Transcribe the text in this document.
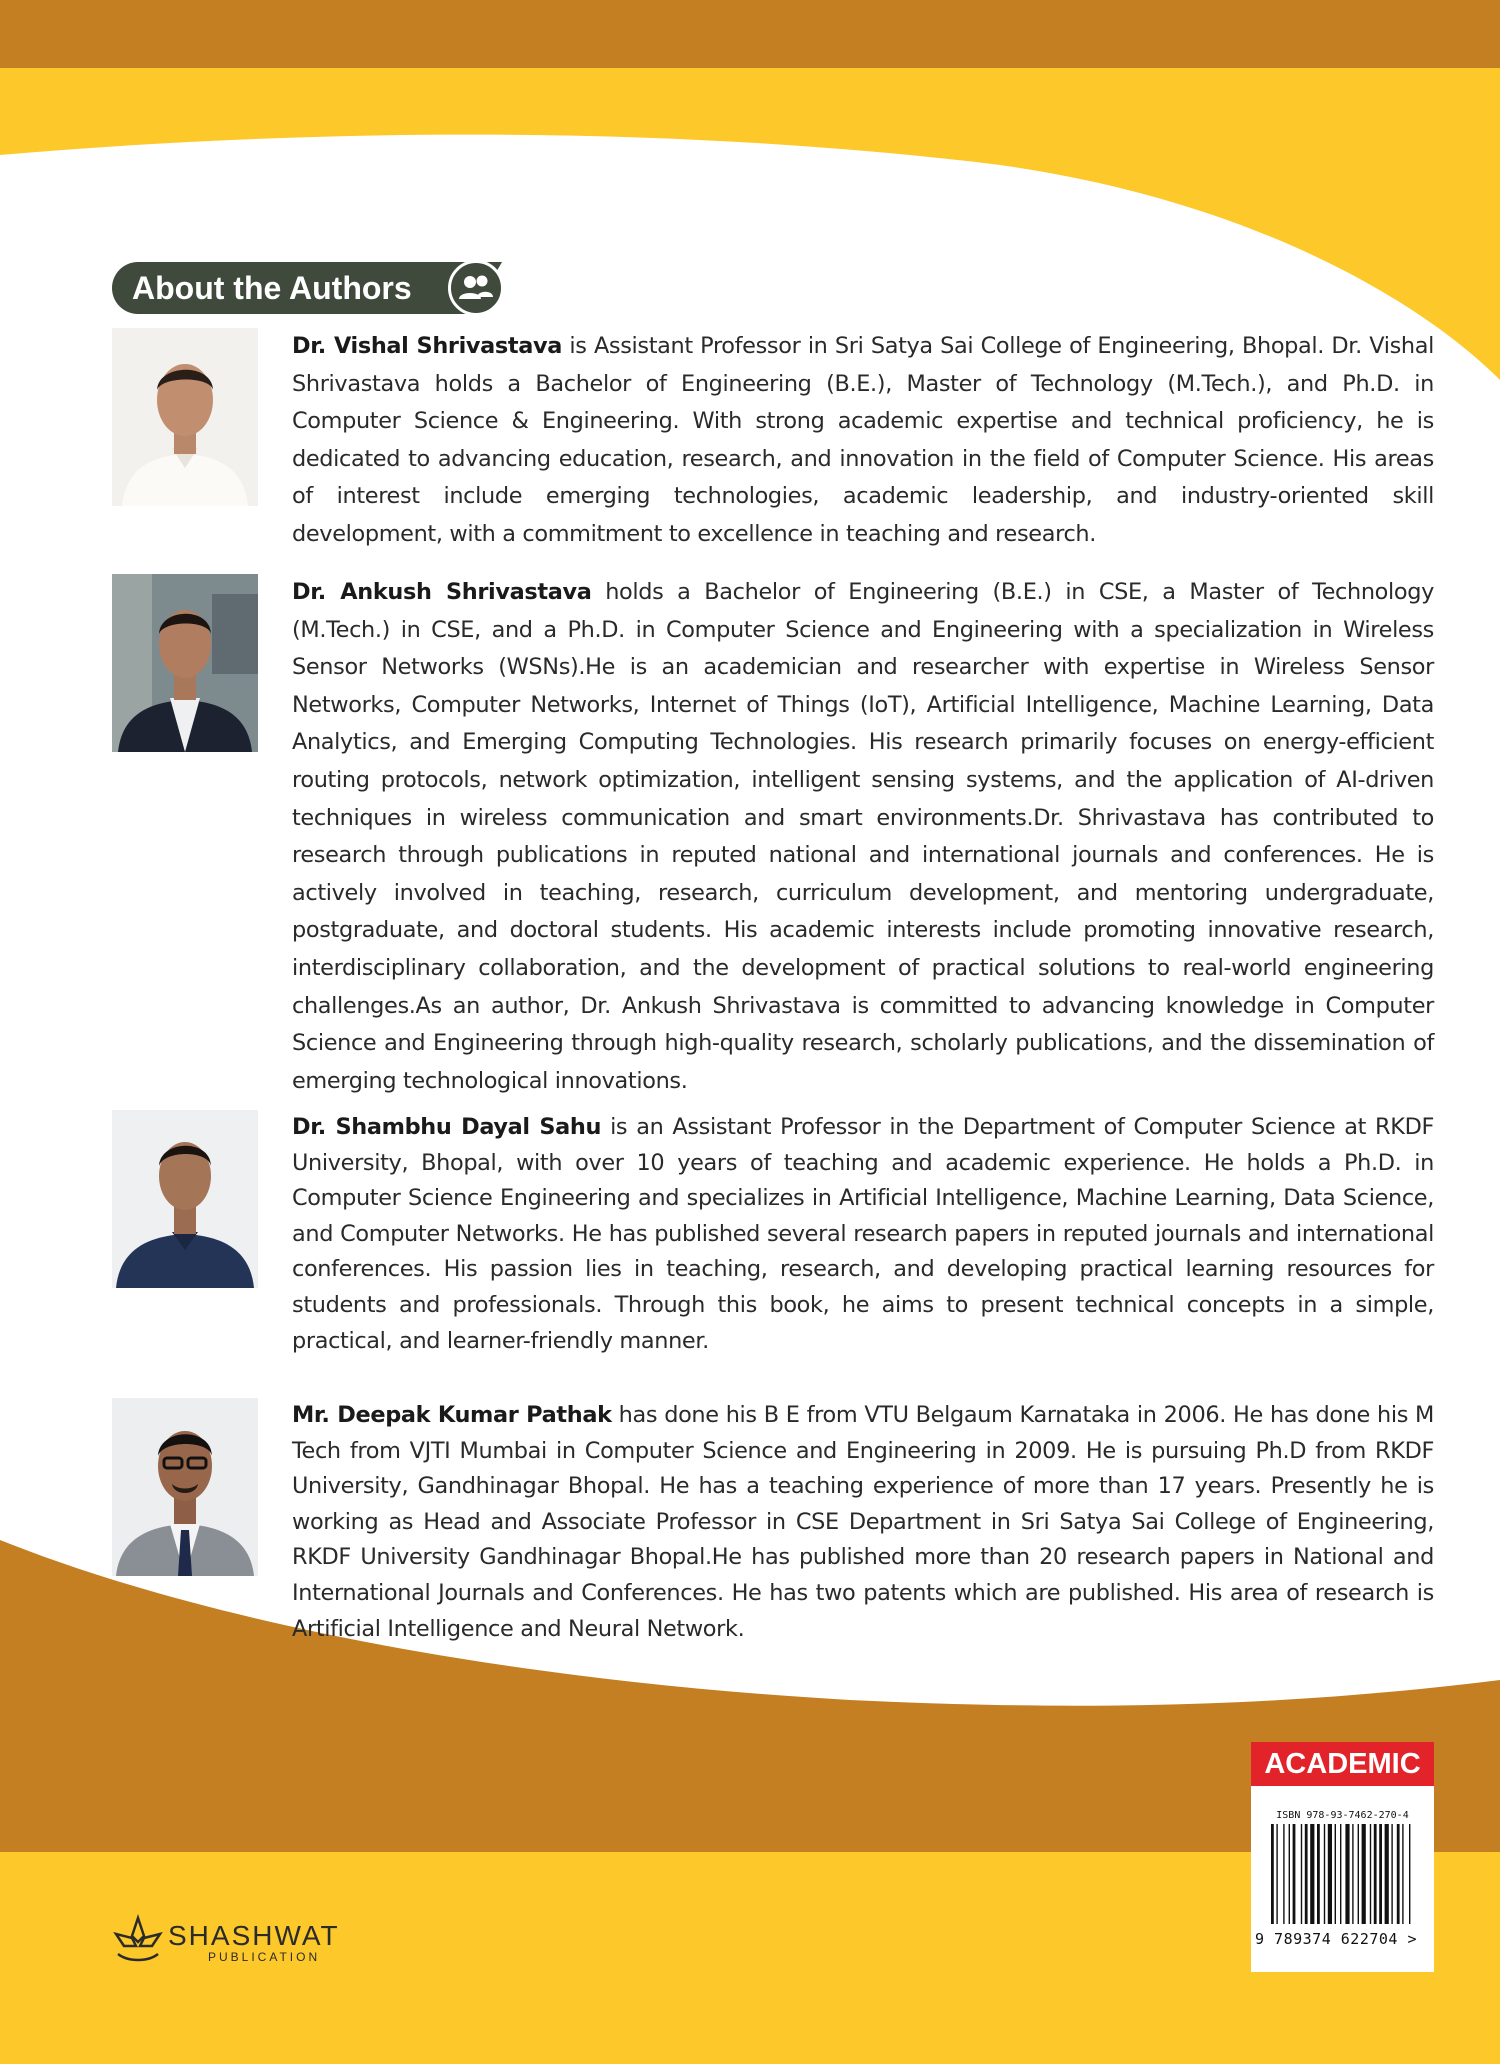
About the Authors

Dr. Vishal Shrivastava is Assistant Professor in Sri Satya Sai College of Engineering, Bhopal. Dr. Vishal Shrivastava holds a Bachelor of Engineering (B.E.), Master of Technology (M.Tech.), and Ph.D. in Computer Science & Engineering. With strong academic expertise and technical proficiency, he is dedicated to advancing education, research, and innovation in the field of Computer Science. His areas of interest include emerging technologies, academic leadership, and industry-oriented skill development, with a commitment to excellence in teaching and research.

Dr. Ankush Shrivastava holds a Bachelor of Engineering (B.E.) in CSE, a Master of Technology (M.Tech.) in CSE, and a Ph.D. in Computer Science and Engineering with a specialization in Wireless Sensor Networks (WSNs).He is an academician and researcher with expertise in Wireless Sensor Networks, Computer Networks, Internet of Things (IoT), Artificial Intelligence, Machine Learning, Data Analytics, and Emerging Computing Technologies. His research primarily focuses on energy-efficient routing protocols, network optimization, intelligent sensing systems, and the application of AI-driven techniques in wireless communication and smart environments.Dr. Shrivastava has contributed to research through publications in reputed national and international journals and conferences. He is actively involved in teaching, research, curriculum development, and mentoring undergraduate, postgraduate, and doctoral students. His academic interests include promoting innovative research, interdisciplinary collaboration, and the development of practical solutions to real-world engineering challenges.As an author, Dr. Ankush Shrivastava is committed to advancing knowledge in Computer Science and Engineering through high-quality research, scholarly publications, and the dissemination of emerging technological innovations.

Dr. Shambhu Dayal Sahu is an Assistant Professor in the Department of Computer Science at RKDF University, Bhopal, with over 10 years of teaching and academic experience. He holds a Ph.D. in Computer Science Engineering and specializes in Artificial Intelligence, Machine Learning, Data Science, and Computer Networks. He has published several research papers in reputed journals and international conferences. His passion lies in teaching, research, and developing practical learning resources for students and professionals. Through this book, he aims to present technical concepts in a simple, practical, and learner-friendly manner.

Mr. Deepak Kumar Pathak has done his B E from VTU Belgaum Karnataka in 2006. He has done his M Tech from VJTI Mumbai in Computer Science and Engineering in 2009. He is pursuing Ph.D from RKDF University, Gandhinagar Bhopal. He has a teaching experience of more than 17 years. Presently he is working as Head and Associate Professor in CSE Department in Sri Satya Sai College of Engineering, RKDF University Gandhinagar Bhopal.He has published more than 20 research papers in National and International Journals and Conferences. He has two patents which are published. His area of research is Artificial Intelligence and Neural Network.

SHASHWAT
PUBLICATION
ACADEMIC
ISBN 978-93-7462-270-4
9 789374 622704 >
